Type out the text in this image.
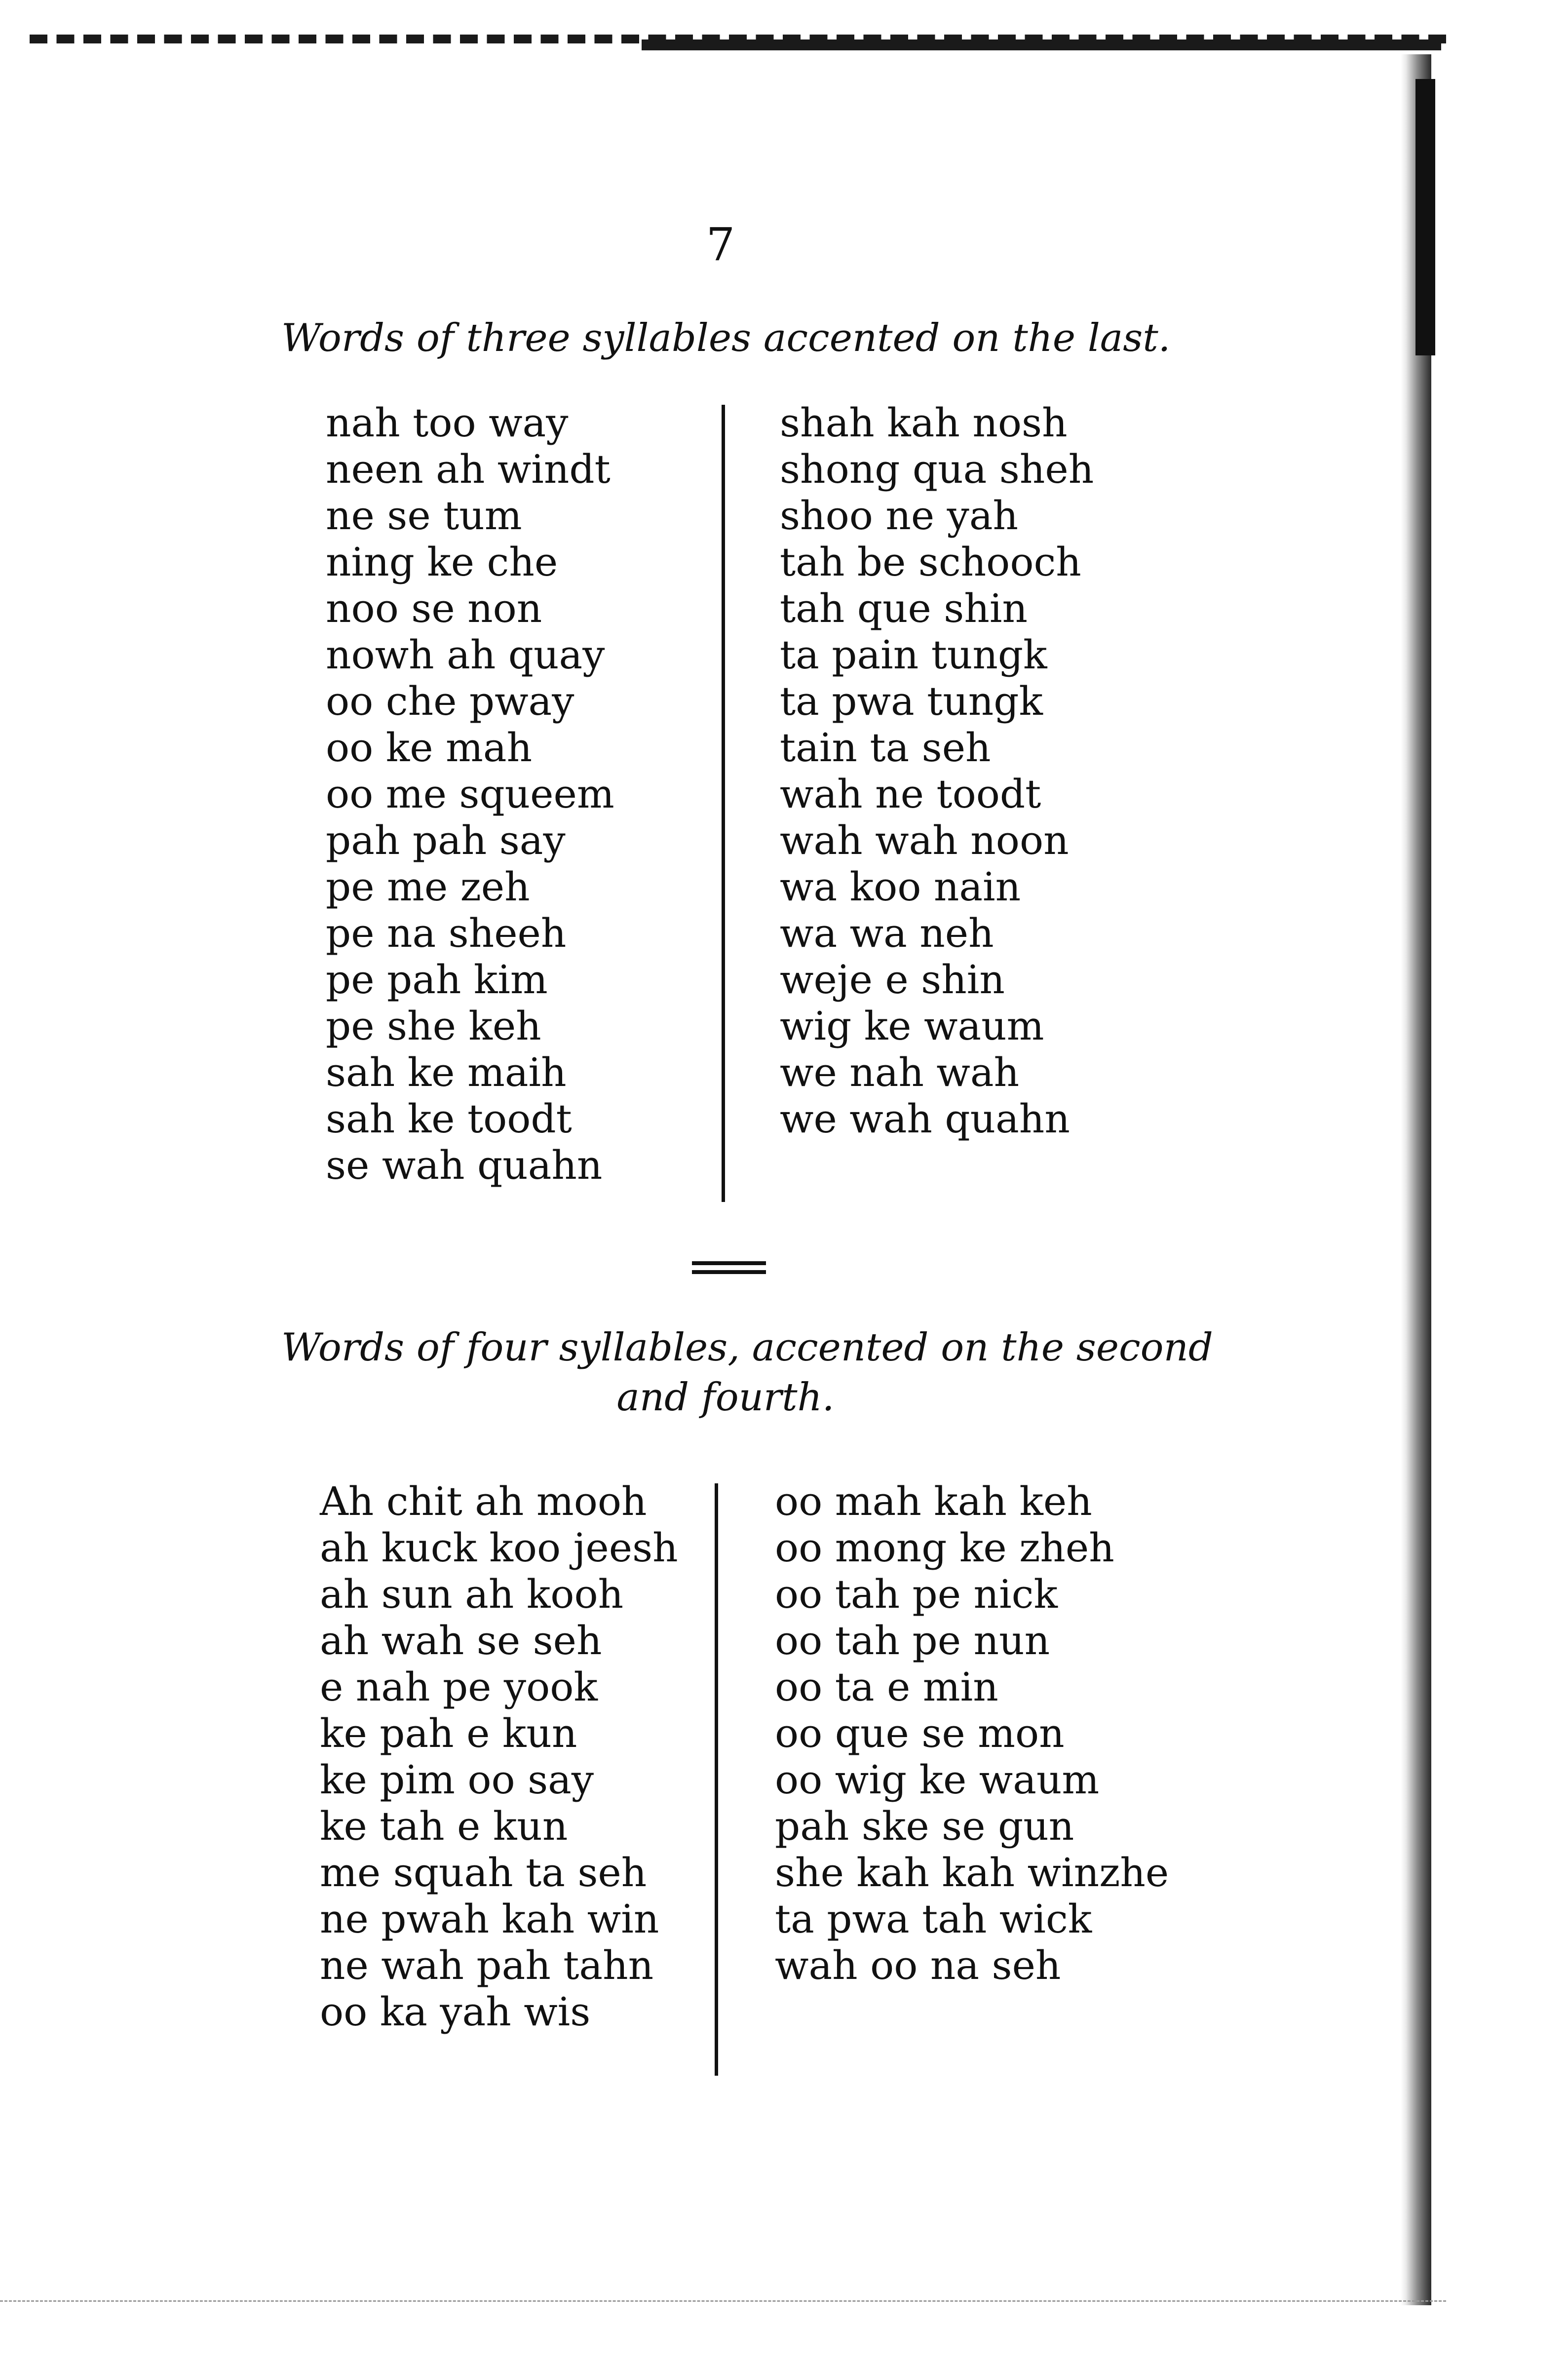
7
Words of three syllables accented on the last.
nah too way
neen ah windt
ne se tum
ning ke che
noo se non
nowh ah quay
oo che pway
oo ke mah
oo me squeem
pah pah say
pe me zeh
pe na sheeh
pe pah kim
pe she keh
sah ke maih
sah ke toodt
se wah quahn
shah kah nosh
shong qua sheh
shoo ne yah
tah be schooch
tah que shin
ta pain tungk
ta pwa tungk
tain ta seh
wah ne toodt
wah wah noon
wa koo nain
wa wa neh
weje e shin
wig ke waum
we nah wah
we wah quahn
Words of four syllables, accented on the second
and fourth.
Ah chit ah mooh
ah kuck koo jeesh
ah sun ah kooh
ah wah se seh
e nah pe yook
ke pah e kun
ke pim oo say
ke tah e kun
me squah ta seh
ne pwah kah win
ne wah pah tahn
oo ka yah wis
oo mah kah keh
oo mong ke zheh
oo tah pe nick
oo tah pe nun
oo ta e min
oo que se mon
oo wig ke waum
pah ske se gun
she kah kah winzhe
ta pwa tah wick
wah oo na seh
